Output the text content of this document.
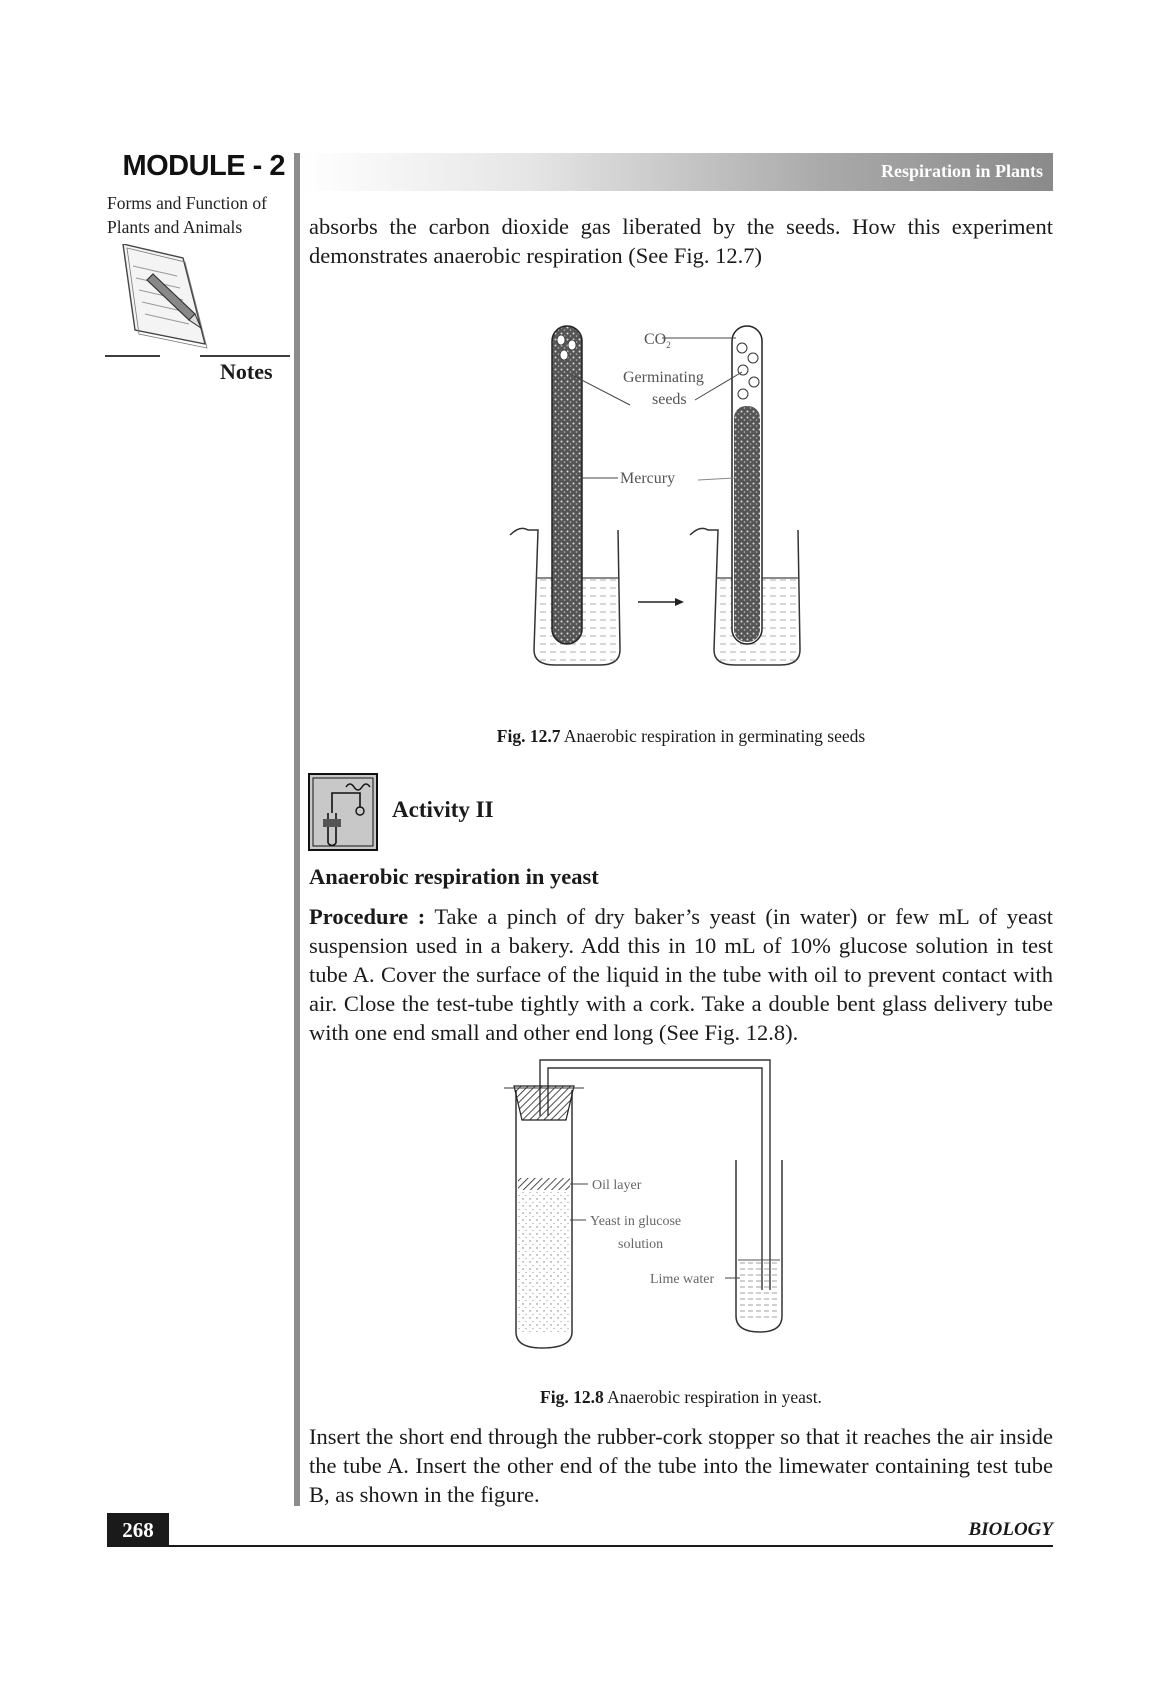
MODULE - 2
Forms and Function of
Plants and Animals
Notes
Respiration in Plants
absorbs the carbon dioxide gas liberated by the seeds. How this experiment demonstrates anaerobic respiration (See Fig. 12.7)
$CO_2$
Germinating
seeds
Mercury
Fig. 12.7 Anaerobic respiration in germinating seeds
Activity II
Anaerobic respiration in yeast
Procedure : Take a pinch of dry baker’s yeast (in water) or few mL of yeast suspension used in a bakery. Add this in 10 mL of 10% glucose solution in test tube A. Cover the surface of the liquid in the tube with oil to prevent contact with air. Close the test-tube tightly with a cork. Take a double bent glass delivery tube with one end small and other end long (See Fig. 12.8).
Oil layer
Yeast in glucose
solution
Lime water
Fig. 12.8 Anaerobic respiration in yeast.
Insert the short end through the rubber-cork stopper so that it reaches the air inside the tube A. Insert the other end of the tube into the limewater containing test tube B, as shown in the figure.
268	BIOLOGY
